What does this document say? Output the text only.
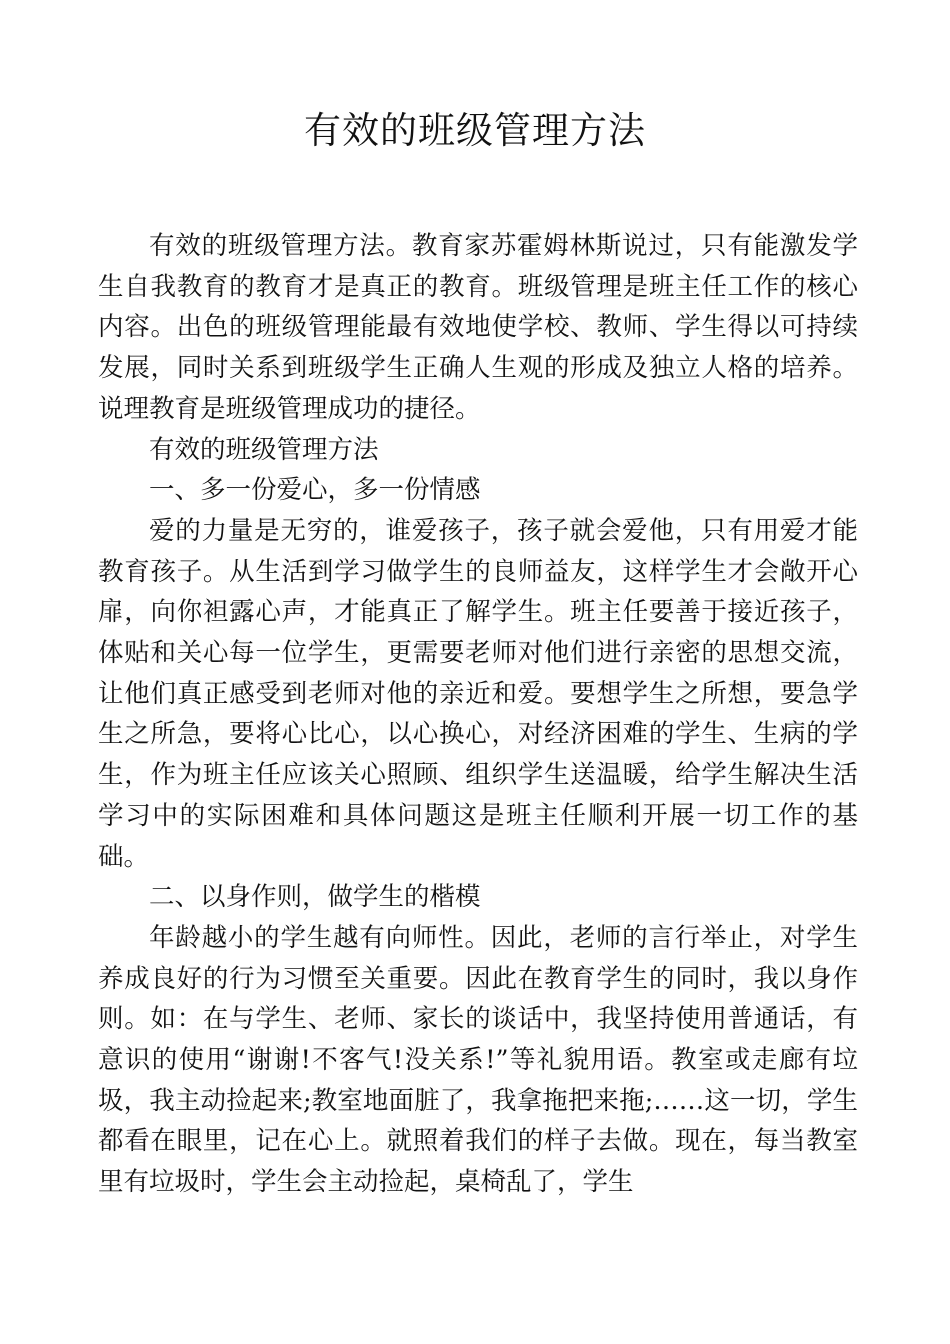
有效的班级管理方法

有效的班级管理方法。教育家苏霍姆林斯说过，只有能激发学生自我教育的教育才是真正的教育。班级管理是班主任工作的核心内容。出色的班级管理能最有效地使学校、教师、学生得以可持续发展，同时关系到班级学生正确人生观的形成及独立人格的培养。说理教育是班级管理成功的捷径。

有效的班级管理方法

一、多一份爱心，多一份情感

爱的力量是无穷的，谁爱孩子，孩子就会爱他，只有用爱才能教育孩子。从生活到学习做学生的良师益友，这样学生才会敞开心扉，向你袒露心声，才能真正了解学生。班主任要善于接近孩子，体贴和关心每一位学生，更需要老师对他们进行亲密的思想交流，让他们真正感受到老师对他的亲近和爱。要想学生之所想，要急学生之所急，要将心比心，以心换心，对经济困难的学生、生病的学生，作为班主任应该关心照顾、组织学生送温暖，给学生解决生活学习中的实际困难和具体问题这是班主任顺利开展一切工作的基础。

二、以身作则，做学生的楷模

年龄越小的学生越有向师性。因此，老师的言行举止，对学生养成良好的行为习惯至关重要。因此在教育学生的同时，我以身作则。如：在与学生、老师、家长的谈话中，我坚持使用普通话，有意识的使用“谢谢!不客气!没关系!”等礼貌用语。教室或走廊有垃圾，我主动捡起来;教室地面脏了，我拿拖把来拖;……这一切，学生都看在眼里，记在心上。就照着我们的样子去做。现在，每当教室里有垃圾时，学生会主动捡起，桌椅乱了，学生
